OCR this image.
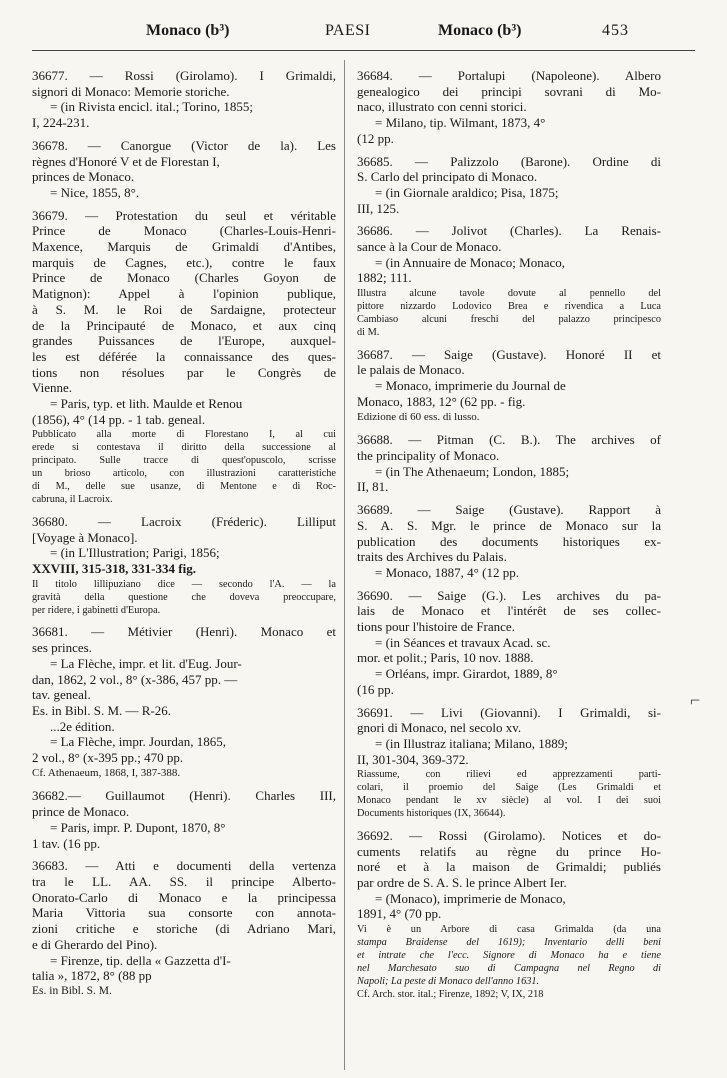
Monaco (b³)	PAESI	Monaco (b³)	453
36677. — Rossi (Girolamo). I Grimaldi,
signori di Monaco: Memorie storiche.
= (in Rivista encicl. ital.; Torino, 1855;
I, 224-231.
36678. — Canorgue (Victor de la). Les
règnes d'Honoré V et de Florestan I,
princes de Monaco.
= Nice, 1855, 8°.
36679. — Protestation du seul et véritable
Prince de Monaco (Charles-Louis-Henri-
Maxence, Marquis de Grimaldi d'Antibes,
marquis de Cagnes, etc.), contre le faux
Prince de Monaco (Charles Goyon de
Matignon): Appel à l'opinion publique,
à S. M. le Roi de Sardaigne, protecteur
de la Principauté de Monaco, et aux cinq
grandes Puissances de l'Europe, auxquel-
les est déférée la connaissance des ques-
tions non résolues par le Congrès de
Vienne.
= Paris, typ. et lith. Maulde et Renou
(1856), 4° (14 pp. - 1 tab. geneal.
Pubblicato alla morte di Florestano I, al cui
erede si contestava il diritto della successione al
principato. Sulle tracce di quest'opuscolo, scrisse
un brioso articolo, con illustrazioni caratteristiche
di M., delle sue usanze, di Mentone e di Roc-
cabruna, il Lacroix.
36680. — Lacroix (Fréderic). Lilliput
[Voyage à Monaco].
= (in L'Illustration; Parigi, 1856;
XXVIII, 315-318, 331-334 fig.
Il titolo lillipuziano dice — secondo l'A. — la
gravità della questione che doveva preoccupare,
per ridere, i gabinetti d'Europa.
36681. — Métivier (Henri). Monaco et
ses princes.
= La Flèche, impr. et lit. d'Eug. Jour-
dan, 1862, 2 vol., 8° (x-386, 457 pp. —
tav. geneal.
Es. in Bibl. S. M. — R-26.
...2e édition.
= La Flèche, impr. Jourdan, 1865,
2 vol., 8° (x-395 pp.; 470 pp.
Cf. Athenaeum, 1868, I, 387-388.
36682.— Guillaumot (Henri). Charles III,
prince de Monaco.
= Paris, impr. P. Dupont, 1870, 8°
1 tav. (16 pp.
36683. — Atti e documenti della vertenza
tra le LL. AA. SS. il principe Alberto-
Onorato-Carlo di Monaco e la principessa
Maria Vittoria sua consorte con annota-
zioni critiche e storiche (di Adriano Mari,
e di Gherardo del Pino).
= Firenze, tip. della « Gazzetta d'I-
talia », 1872, 8° (88 pp
Es. in Bibl. S. M.
36684. — Portalupi (Napoleone). Albero
genealogico dei principi sovrani di Mo-
naco, illustrato con cenni storici.
= Milano, tip. Wilmant, 1873, 4°
(12 pp.
36685. — Palizzolo (Barone). Ordine di
S. Carlo del principato di Monaco.
= (in Giornale araldico; Pisa, 1875;
III, 125.
36686. — Jolivot (Charles). La Renais-
sance à la Cour de Monaco.
= (in Annuaire de Monaco; Monaco,
1882; 111.
Illustra alcune tavole dovute al pennello del
pittore nizzardo Lodovico Brea e rivendica a Luca
Cambiaso alcuni freschi del palazzo principesco
di M.
36687. — Saige (Gustave). Honoré II et
le palais de Monaco.
= Monaco, imprimerie du Journal de
Monaco, 1883, 12° (62 pp. - fig.
Edizione di 60 ess. di lusso.
36688. — Pitman (C. B.). The archives of
the principality of Monaco.
= (in The Athenaeum; London, 1885;
II, 81.
36689. — Saige (Gustave). Rapport à
S. A. S. Mgr. le prince de Monaco sur la
publication des documents historiques ex-
traits des Archives du Palais.
= Monaco, 1887, 4° (12 pp.
36690. — Saige (G.). Les archives du pa-
lais de Monaco et l'intérêt de ses collec-
tions pour l'histoire de France.
= (in Séances et travaux Acad. sc.
mor. et polit.; Paris, 10 nov. 1888.
= Orléans, impr. Girardot, 1889, 8°
(16 pp.
36691. — Livi (Giovanni). I Grimaldi, si-
gnori di Monaco, nel secolo xv.
= (in Illustraz italiana; Milano, 1889;
II, 301-304, 369-372.
Riassume, con rilievi ed apprezzamenti parti-
colari, il proemio del Saige (Les Grimaldi et
Monaco pendant le xv siècle) al vol. I dei suoi
Documents historiques (IX, 36644).
36692. — Rossi (Girolamo). Notices et do-
cuments relatifs au règne du prince Ho-
noré et à la maison de Grimaldi; publiés
par ordre de S. A. S. le prince Albert Ier.
= (Monaco), imprimerie de Monaco,
1891, 4° (70 pp.
Vi è un Arbore di casa Grimalda (da una
stampa Braidense del 1619); Inventario delli beni
et intrate che l'ecc. Signore di Monaco ha e tiene
nel Marchesato suo di Campagna nel Regno di
Napoli; La peste di Monaco dell'anno 1631.
Cf. Arch. stor. ital.; Firenze, 1892; V, IX, 218
⌐
